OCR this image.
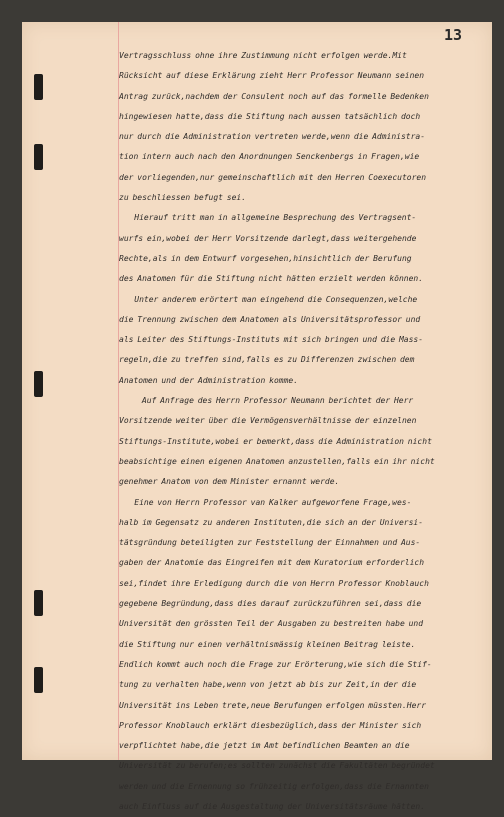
13

Vertragsschluss ohne ihre Zustimmung nicht erfolgen werde.Mit
Rücksicht auf diese Erklärung zieht Herr Professor Neumann seinen
Antrag zurück,nachdem der Consulent noch auf das formelle Bedenken
hingewiesen hatte,dass die Stiftung nach aussen tatsächlich doch
nur durch die Administration vertreten werde,wenn die Administra-
tion intern auch nach den Anordnungen Senckenbergs in Fragen,wie
der vorliegenden,nur gemeinschaftlich mit den Herren Coexecutoren
zu beschliessen befugt sei.
Hierauf tritt man in allgemeine Besprechung des Vertragsent-
wurfs ein,wobei der Herr Vorsitzende darlegt,dass weitergehende
Rechte,als in dem Entwurf vorgesehen,hinsichtlich der Berufung
des Anatomen für die Stiftung nicht hätten erzielt werden können.
Unter anderem erörtert man eingehend die Consequenzen,welche
die Trennung zwischen dem Anatomen als Universitätsprofessor und
als Leiter des Stiftungs-Instituts mit sich bringen und die Mass-
regeln,die zu treffen sind,falls es zu Differenzen zwischen dem
Anatomen und der Administration komme.
Auf Anfrage des Herrn Professor Neumann berichtet der Herr
Vorsitzende weiter über die Vermögensverhältnisse der einzelnen
Stiftungs-Institute,wobei er bemerkt,dass die Administration nicht
beabsichtige einen eigenen Anatomen anzustellen,falls ein ihr nicht
genehmer Anatom von dem Minister ernannt werde.
Eine von Herrn Professor van Kalker aufgeworfene Frage,wes-
halb im Gegensatz zu anderen Instituten,die sich an der Universi-
tätsgründung beteiligten zur Feststellung der Einnahmen und Aus-
gaben der Anatomie das Eingreifen mit dem Kuratorium erforderlich
sei,findet ihre Erledigung durch die von Herrn Professor Knoblauch
gegebene Begründung,dass dies darauf zurückzuführen sei,dass die
Universität den grössten Teil der Ausgaben zu bestreiten habe und
die Stiftung nur einen verhältnismässig kleinen Beitrag leiste.
Endlich kommt auch noch die Frage zur Erörterung,wie sich die Stif-
tung zu verhalten habe,wenn von jetzt ab bis zur Zeit,in der die
Universität ins Leben trete,neue Berufungen erfolgen müssten.Herr
Professor Knoblauch erklärt diesbezüglich,dass der Minister sich
verpflichtet habe,die jetzt im Amt befindlichen Beamten an die
Universität zu berufen;es sollten zunächst die Fakultäten begründet
werden und die Ernennung so frühzeitig erfolgen,dass die Ernannten
auch Einfluss auf die Ausgestaltung der Universitätsräume hätten.
